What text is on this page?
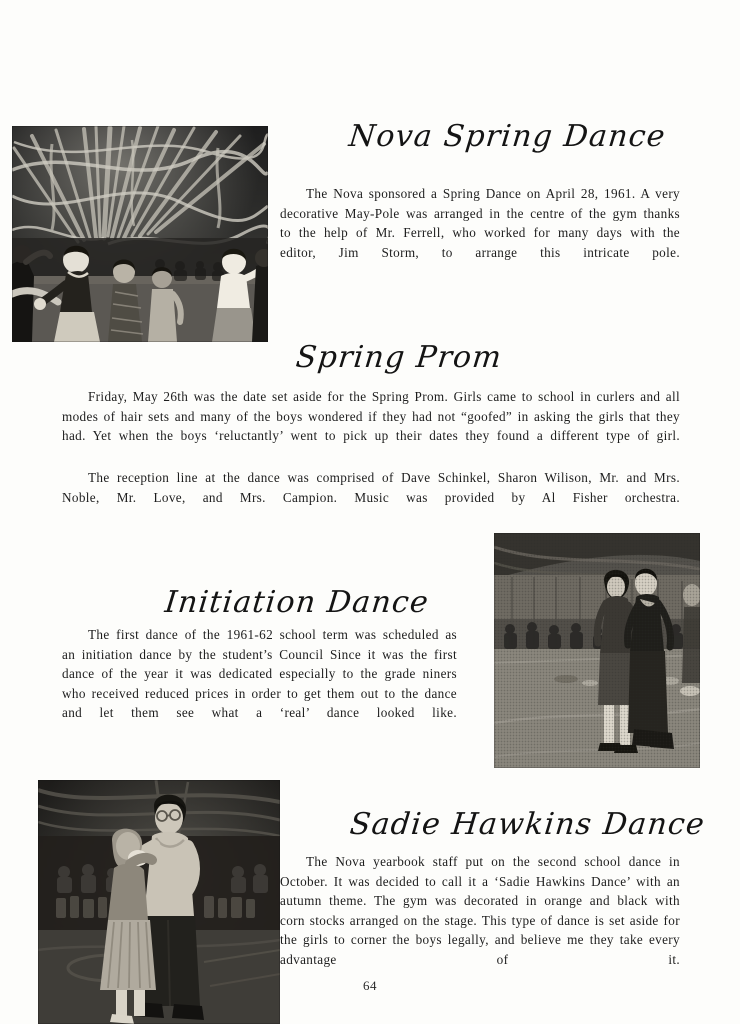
Nova Spring Dance

The Nova sponsored a Spring Dance on April 28, 1961. A very decorative May-Pole was arranged in the centre of the gym thanks to the help of Mr. Ferrell, who worked for many days with the editor, Jim Storm, to arrange this intricate pole.

Spring Prom

Friday, May 26th was the date set aside for the Spring Prom. Girls came to school in curlers and all modes of hair sets and many of the boys wondered if they had not “goofed” in asking the girls that they had. Yet when the boys ‘reluctantly’ went to pick up their dates they found a different type of girl.

The reception line at the dance was comprised of Dave Schinkel, Sharon Wilison, Mr. and Mrs. Noble, Mr. Love, and Mrs. Campion. Music was provided by Al Fisher orchestra.

Initiation Dance

The first dance of the 1961-62 school term was scheduled as an initiation dance by the student’s Council Since it was the first dance of the year it was dedicated especially to the grade niners who received reduced prices in order to get them out to the dance and let them see what a ‘real’ dance looked like.

Sadie Hawkins Dance

The Nova yearbook staff put on the second school dance in October. It was decided to call it a ‘Sadie Hawkins Dance’ with an autumn theme. The gym was decorated in orange and black with corn stocks arranged on the stage. This type of dance is set aside for the girls to corner the boys legally, and believe me they take every advantage of it.

64
